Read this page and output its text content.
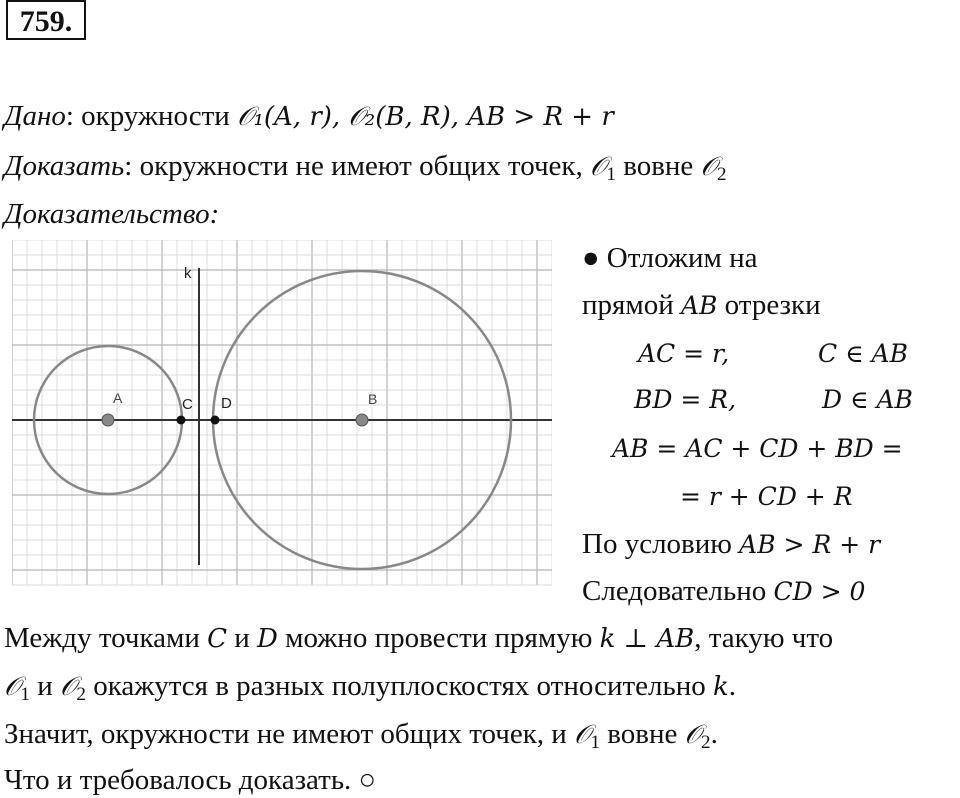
759.
Дано: окружности 𝒪₁(A, r), 𝒪₂(B, R), AB > R + r
Доказать: окружности не имеют общих точек, 𝒪$_1$ вовне 𝒪$_2$
Доказательство:
A	B
C D
k	● Отложим на
прямой AB отрезки
AC = r,	C ∈ AB
BD = R,	D ∈ AB
AB = AC + CD + BD =
= r + CD + R
По условию AB > R + r
Следовательно CD > 0
Между точками C и D можно провести прямую k ⊥ AB, такую что
𝒪$_1$ и 𝒪$_2$ окажутся в разных полуплоскостях относительно k.
Значит, окружности не имеют общих точек, и 𝒪$_1$ вовне 𝒪$_2$.
Что и требовалось доказать. ○
